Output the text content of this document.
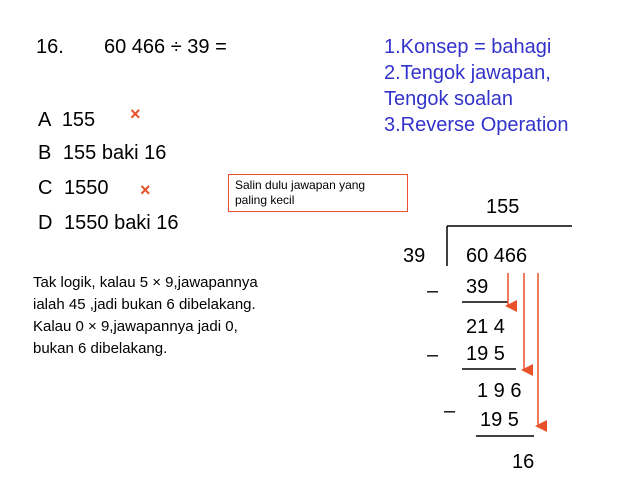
16. 60 466 ÷ 39 =
A 155 ×
B 155 baki 16
C 1550 ×
D 1550 baki 16
1.Konsep = bahagi
2.Tengok jawapan,
Tengok soalan
3.Reverse Operation
Salin dulu jawapan yang
paling kecil
Tak logik, kalau 5 × 9,jawapannya
ialah 45 ,jadi bukan 6 dibelakang.
Kalau 0 × 9,jawapannya jadi 0,
bukan 6 dibelakang.
155
39 60 466
– 39
21 4
– 19 5
1 9 6
– 19 5
16
